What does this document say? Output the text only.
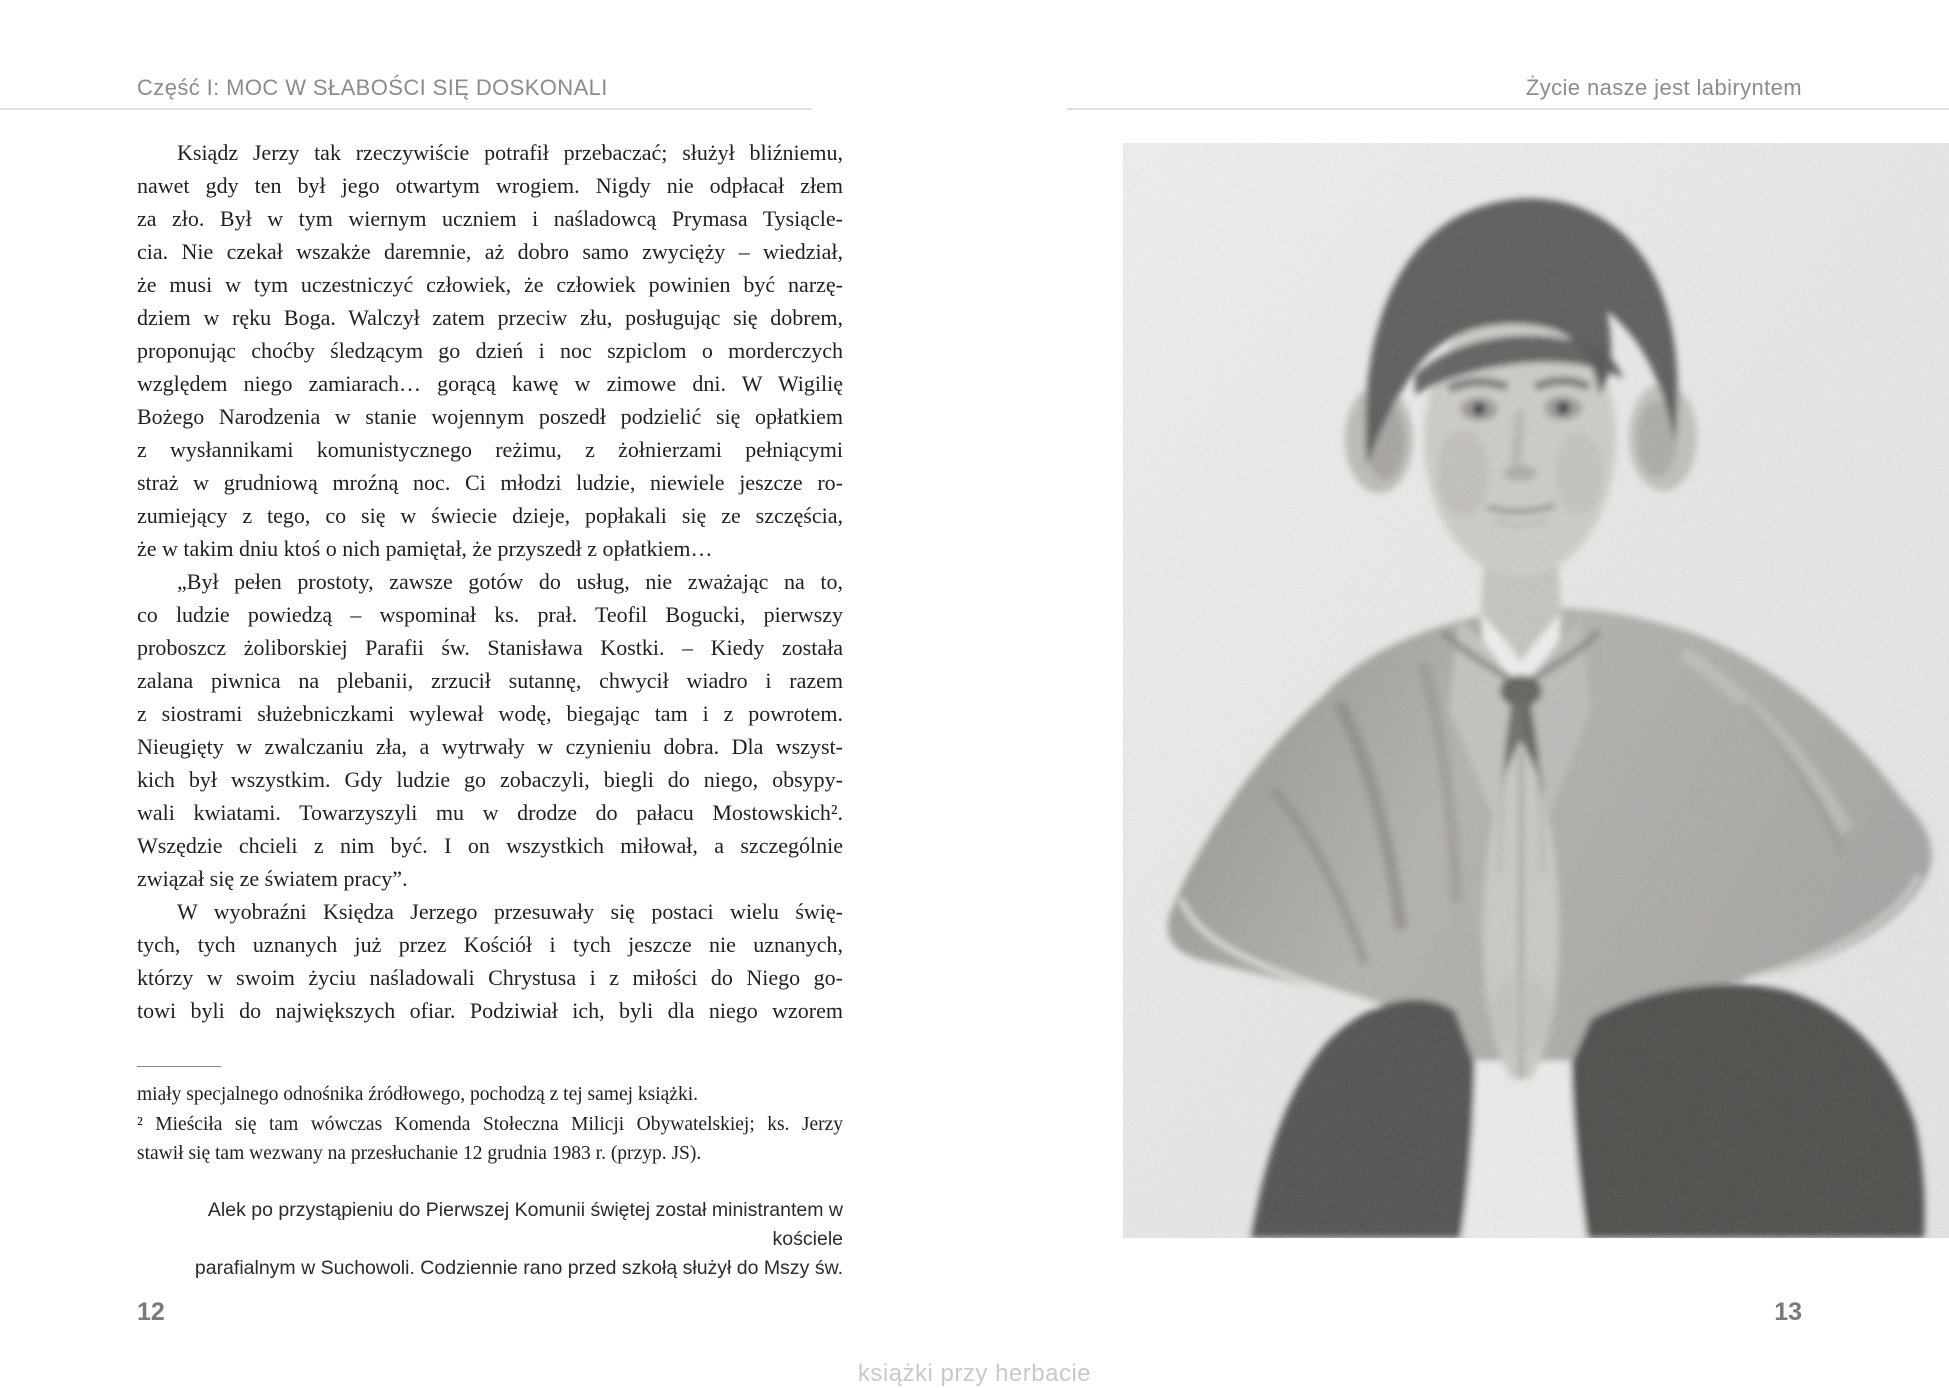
Część I: MOC W SŁABOŚCI SIĘ DOSKONALI	Życie nasze jest labiryntem
Ksiądz Jerzy tak rzeczywiście potrafił przebaczać; służył bliźniemu,
nawet gdy ten był jego otwartym wrogiem. Nigdy nie odpłacał złem
za zło. Był w tym wiernym uczniem i naśladowcą Prymasa Tysiącle-
cia. Nie czekał wszakże daremnie, aż dobro samo zwycięży – wiedział,
że musi w tym uczestniczyć człowiek, że człowiek powinien być narzę-
dziem w ręku Boga. Walczył zatem przeciw złu, posługując się dobrem,
proponując choćby śledzącym go dzień i noc szpiclom o morderczych
względem niego zamiarach… gorącą kawę w zimowe dni. W Wigilię
Bożego Narodzenia w stanie wojennym poszedł podzielić się opłatkiem
z wysłannikami komunistycznego reżimu, z żołnierzami pełniącymi
straż w grudniową mroźną noc. Ci młodzi ludzie, niewiele jeszcze ro-
zumiejący z tego, co się w świecie dzieje, popłakali się ze szczęścia,
że w takim dniu ktoś o nich pamiętał, że przyszedł z opłatkiem…
„Był pełen prostoty, zawsze gotów do usług, nie zważając na to,
co ludzie powiedzą – wspominał ks. prał. Teofil Bogucki, pierwszy
proboszcz żoliborskiej Parafii św. Stanisława Kostki. – Kiedy została
zalana piwnica na plebanii, zrzucił sutannę, chwycił wiadro i razem
z siostrami służebniczkami wylewał wodę, biegając tam i z powrotem.
Nieugięty w zwalczaniu zła, a wytrwały w czynieniu dobra. Dla wszyst-
kich był wszystkim. Gdy ludzie go zobaczyli, biegli do niego, obsypy-
wali kwiatami. Towarzyszyli mu w drodze do pałacu Mostowskich².
Wszędzie chcieli z nim być. I on wszystkich miłował, a szczególnie
związał się ze światem pracy”.
W wyobraźni Księdza Jerzego przesuwały się postaci wielu świę-
tych, tych uznanych już przez Kościół i tych jeszcze nie uznanych,
którzy w swoim życiu naśladowali Chrystusa i z miłości do Niego go-
towi byli do największych ofiar. Podziwiał ich, byli dla niego wzorem
miały specjalnego odnośnika źródłowego, pochodzą z tej samej książki.
² Mieściła się tam wówczas Komenda Stołeczna Milicji Obywatelskiej; ks. Jerzy
stawił się tam wezwany na przesłuchanie 12 grudnia 1983 r. (przyp. JS).
Alek po przystąpieniu do Pierwszej Komunii świętej został ministrantem w kościele
parafialnym w Suchowoli. Codziennie rano przed szkołą służył do Mszy św.
12	13
książki przy herbacie
